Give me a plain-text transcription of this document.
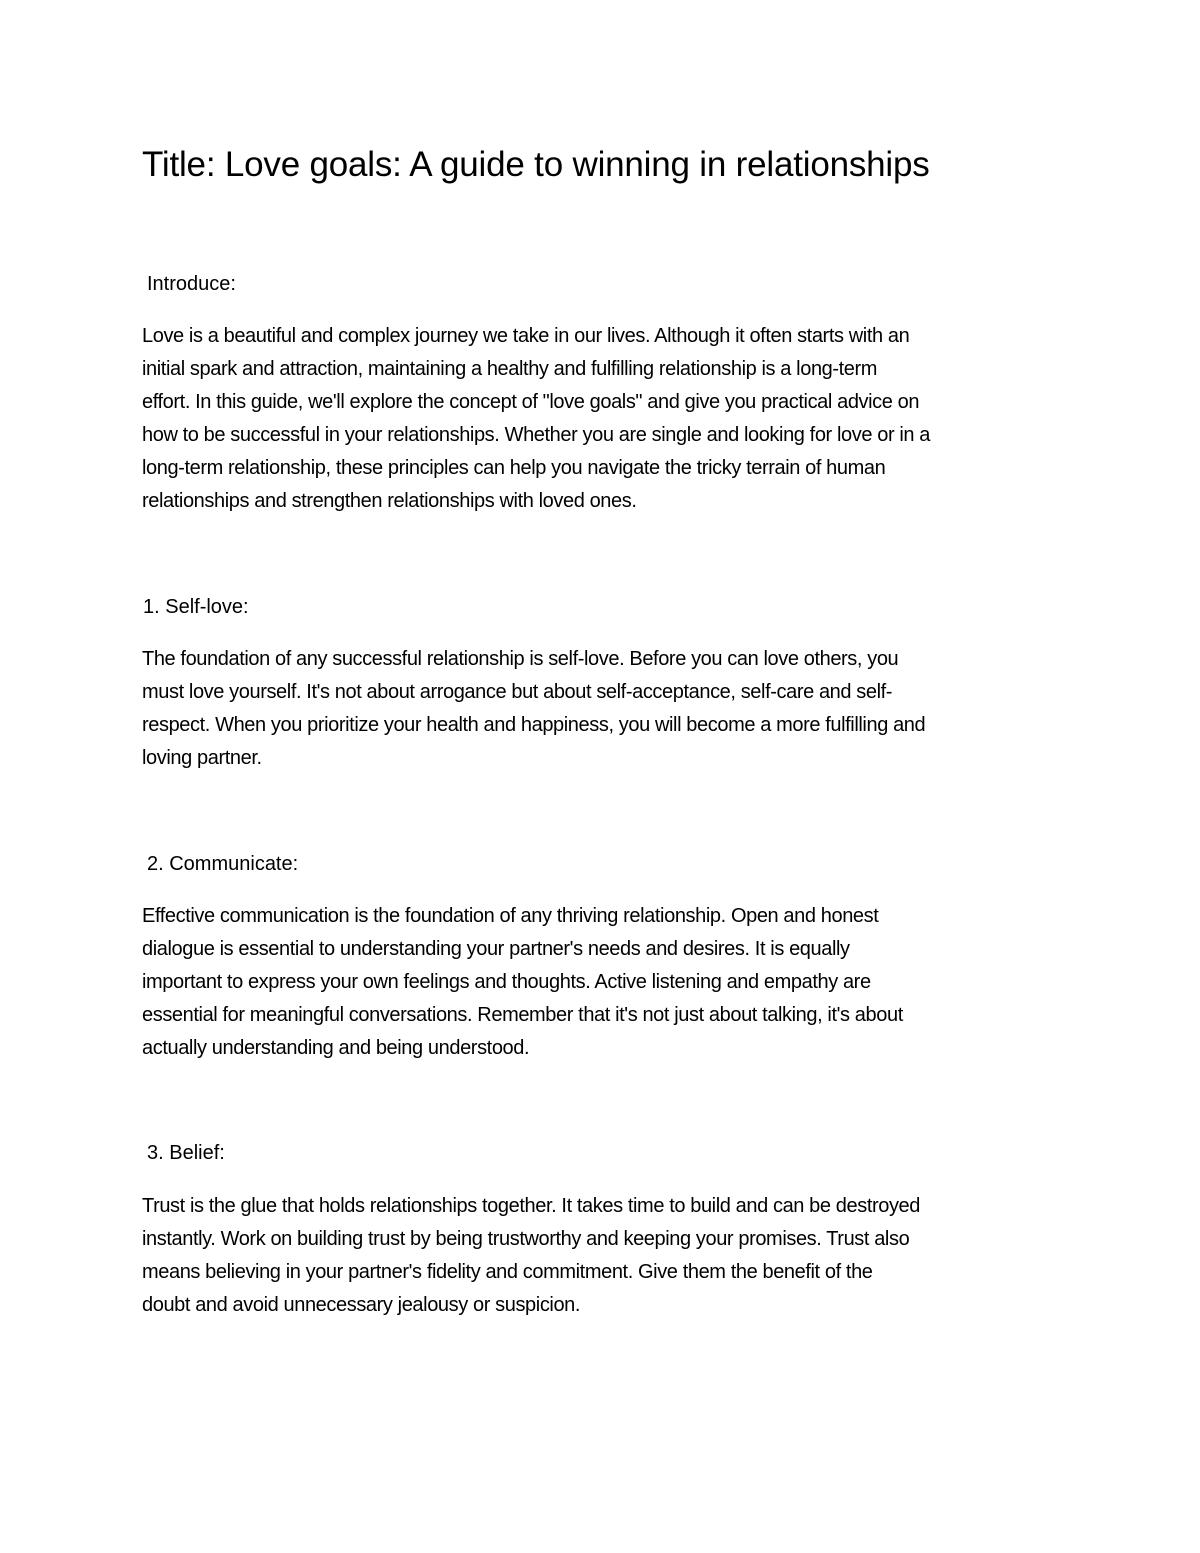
Title: Love goals: A guide to winning in relationships
Introduce:
Love is a beautiful and complex journey we take in our lives. Although it often starts with an
initial spark and attraction, maintaining a healthy and fulfilling relationship is a long-term
effort. In this guide, we'll explore the concept of "love goals" and give you practical advice on
how to be successful in your relationships. Whether you are single and looking for love or in a
long-term relationship, these principles can help you navigate the tricky terrain of human
relationships and strengthen relationships with loved ones.
1. Self-love:
The foundation of any successful relationship is self-love. Before you can love others, you
must love yourself. It's not about arrogance but about self-acceptance, self-care and self-
respect. When you prioritize your health and happiness, you will become a more fulfilling and
loving partner.
2. Communicate:
Effective communication is the foundation of any thriving relationship. Open and honest
dialogue is essential to understanding your partner's needs and desires. It is equally
important to express your own feelings and thoughts. Active listening and empathy are
essential for meaningful conversations. Remember that it's not just about talking, it's about
actually understanding and being understood.
3. Belief:
Trust is the glue that holds relationships together. It takes time to build and can be destroyed
instantly. Work on building trust by being trustworthy and keeping your promises. Trust also
means believing in your partner's fidelity and commitment. Give them the benefit of the
doubt and avoid unnecessary jealousy or suspicion.
